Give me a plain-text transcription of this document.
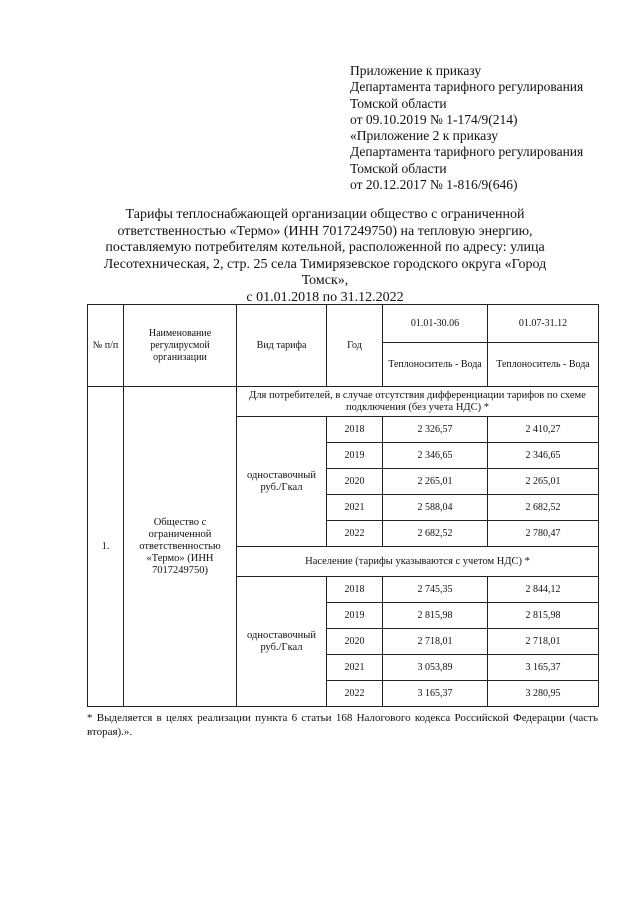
Приложение к приказу
Департамента тарифного регулирования
Томской области
от 09.10.2019 № 1-174/9(214)
«Приложение 2 к приказу
Департамента тарифного регулирования
Томской области
от 20.12.2017 № 1-816/9(646)
Тарифы теплоснабжающей организации общество с ограниченной
ответственностью «Термо» (ИНН 7017249750) на тепловую энергию,
поставляемую потребителям котельной, расположенной по адресу: улица
Лесотехническая, 2, стр. 25 села Тимирязевское городского округа «Город Томск»,
с 01.01.2018 по 31.12.2022
№ п/п	Наименование регулирусмой организации	Вид тарифа	Год	01.01-30.06	01.07-31.12
				Теплоноситель - Вода	Теплоноситель - Вода
1.	Общество с ограниченной ответственностью «Термо» (ИНН 7017249750)	Для потребителей, в случае отсутствия дифференциации тарифов по схеме подключения (без учета НДС) *			
		одноставочный руб./Гкал	2018	2 326,57	2 410,27
			2019	2 346,65	2 346,65
			2020	2 265,01	2 265,01
			2021	2 588,04	2 682,52
			2022	2 682,52	2 780,47
		Население (тарифы указываются с учетом НДС) *			
		одноставочный руб./Гкал	2018	2 745,35	2 844,12
			2019	2 815,98	2 815,98
			2020	2 718,01	2 718,01
			2021	3 053,89	3 165,37
			2022	3 165,37	3 280,95
* Выделяется в целях реализации пункта 6 статьи 168 Налогового кодекса Российской Федерации (часть вторая).».
